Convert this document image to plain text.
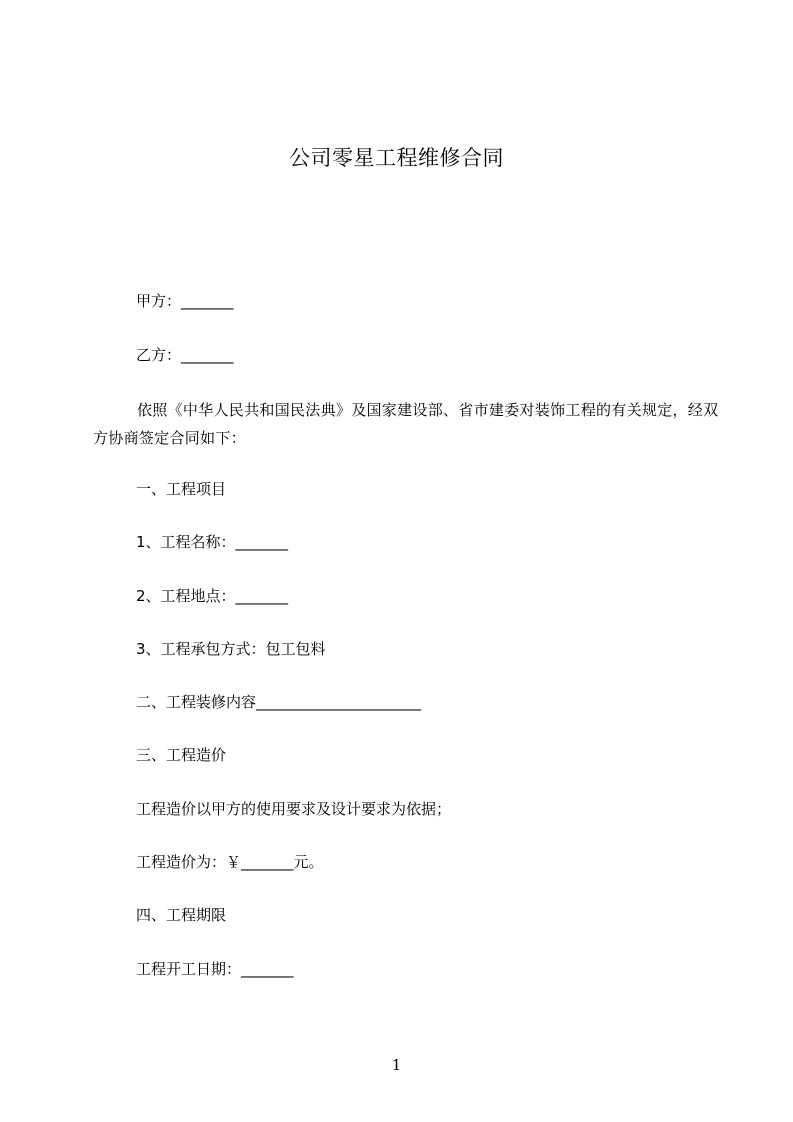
公司零星工程维修合同
甲方：_______
乙方：_______
依照《中华人民共和国民法典》及国家建设部、省市建委对装饰工程的有关规定，经双方协商签定合同如下：
一、工程项目
1、工程名称：_______
2、工程地点：_______
3、工程承包方式：包工包料
二、工程装修内容______________________
三、工程造价
工程造价以甲方的使用要求及设计要求为依据；
工程造价为：￥_______元。
四、工程期限
工程开工日期：_______
1
